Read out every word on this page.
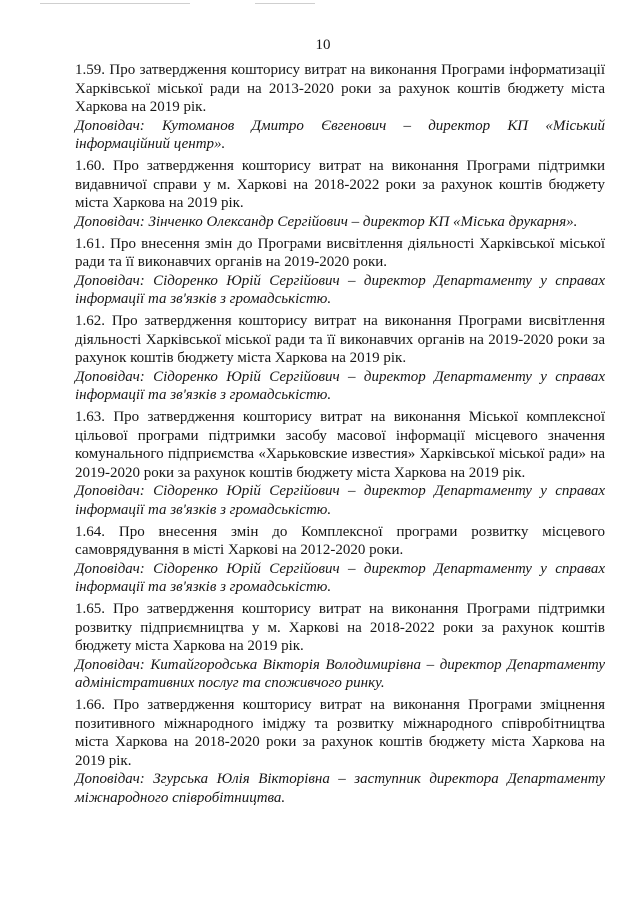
10

1.59. Про затвердження кошторису витрат на виконання Програми інформатизації Харківської міської ради на 2013-2020 роки за рахунок коштів бюджету міста Харкова на 2019 рік.

Доповідач: Кутоманов Дмитро Євгенович – директор КП «Міський інформаційний центр».

1.60. Про затвердження кошторису витрат на виконання Програми підтримки видавничої справи у м. Харкові на 2018-2022 роки за рахунок коштів бюджету міста Харкова на 2019 рік.

Доповідач: Зінченко Олександр Сергійович – директор КП «Міська друкарня».

1.61. Про внесення змін до Програми висвітлення діяльності Харківської міської ради та її виконавчих органів на 2019-2020 роки.

Доповідач: Сідоренко Юрій Сергійович – директор Департаменту у справах інформації та зв'язків з громадськістю.

1.62. Про затвердження кошторису витрат на виконання Програми висвітлення діяльності Харківської міської ради та її виконавчих органів на 2019-2020 роки за рахунок коштів бюджету міста Харкова на 2019 рік.

Доповідач: Сідоренко Юрій Сергійович – директор Департаменту у справах інформації та зв'язків з громадськістю.

1.63. Про затвердження кошторису витрат на виконання Міської комплексної цільової програми підтримки засобу масової інформації місцевого значення комунального підприємства «Харьковские известия» Харківської міської ради» на 2019-2020 роки за рахунок коштів бюджету міста Харкова на 2019 рік.

Доповідач: Сідоренко Юрій Сергійович – директор Департаменту у справах інформації та зв'язків з громадськістю.

1.64. Про внесення змін до Комплексної програми розвитку місцевого самоврядування в місті Харкові на 2012-2020 роки.

Доповідач: Сідоренко Юрій Сергійович – директор Департаменту у справах інформації та зв'язків з громадськістю.

1.65. Про затвердження кошторису витрат на виконання Програми підтримки розвитку підприємництва у м. Харкові на 2018-2022 роки за рахунок коштів бюджету міста Харкова на 2019 рік.

Доповідач: Китайгородська Вікторія Володимирівна – директор Департаменту адміністративних послуг та споживчого ринку.

1.66. Про затвердження кошторису витрат на виконання Програми зміцнення позитивного міжнародного іміджу та розвитку міжнародного співробітництва міста Харкова на 2018-2020 роки за рахунок коштів бюджету міста Харкова на 2019 рік.

Доповідач: Згурська Юлія Вікторівна – заступник директора Департаменту міжнародного співробітництва.
